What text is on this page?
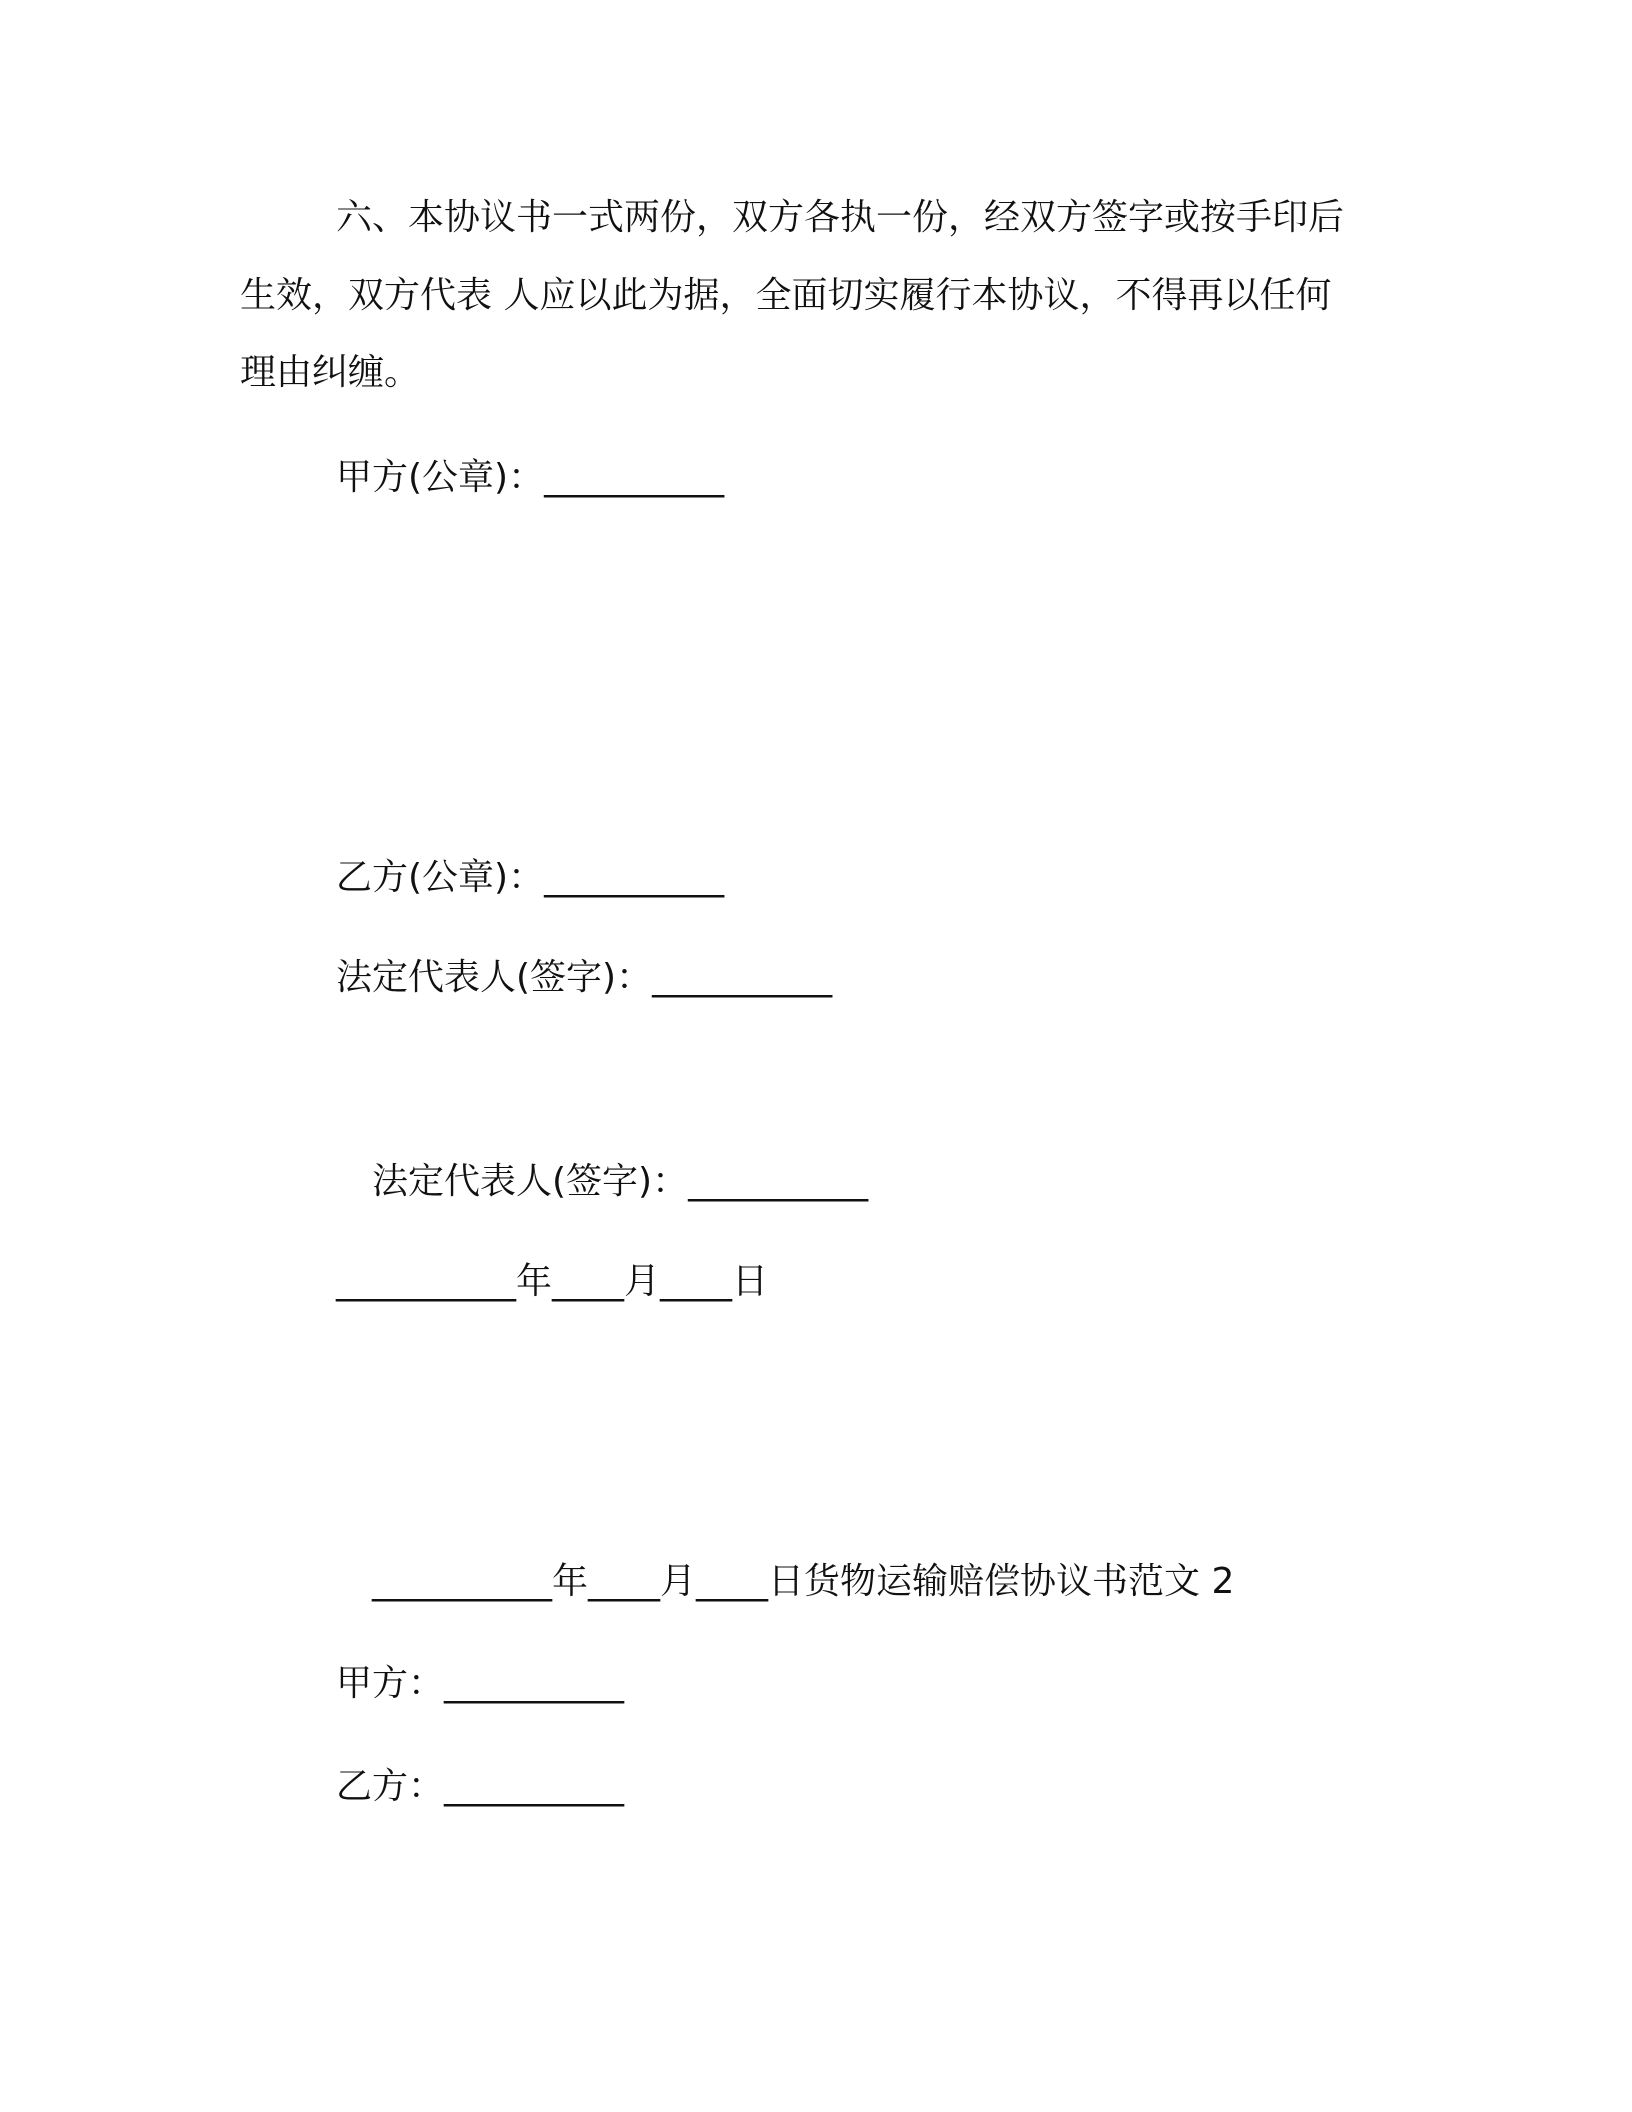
六、本协议书一式两份，双方各执一份，经双方签字或按手印后
生效，双方代表 人应以此为据，全面切实履行本协议，不得再以任何
理由纠缠。
甲方(公章)：__________
乙方(公章)：__________
法定代表人(签字)：__________
法定代表人(签字)：__________
__________年____月____日
__________年____月____日货物运输赔偿协议书范文 2
甲方：__________
乙方：__________
